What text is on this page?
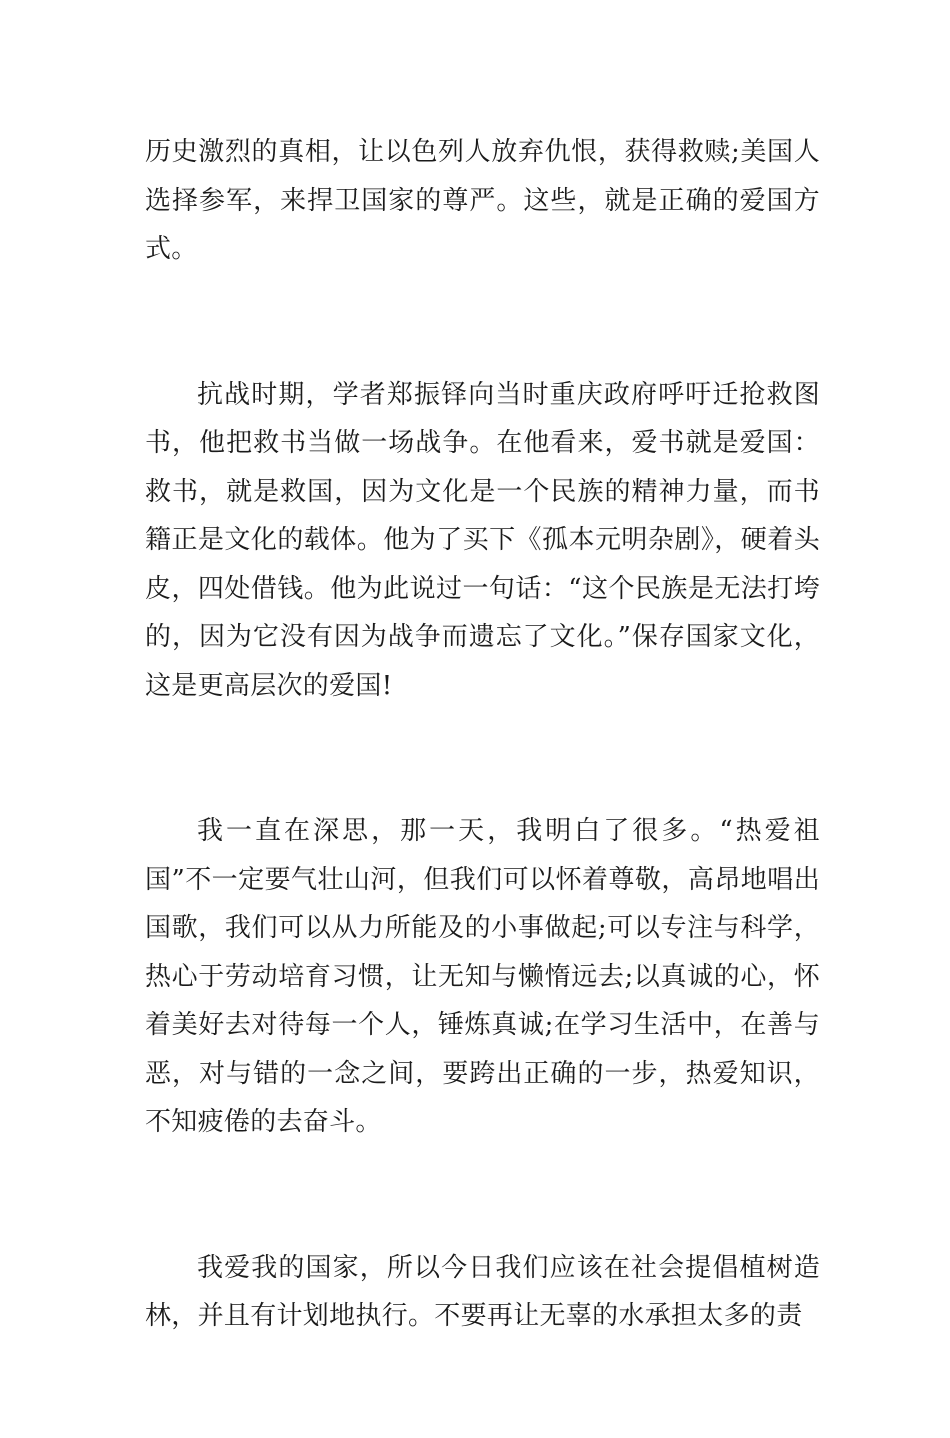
历史激烈的真相，让以色列人放弃仇恨，获得救赎;美国人选择参军，来捍卫国家的尊严。这些，就是正确的爱国方式。

抗战时期，学者郑振铎向当时重庆政府呼吁迁抢救图书，他把救书当做一场战争。在他看来，爱书就是爱国：救书，就是救国，因为文化是一个民族的精神力量，而书籍正是文化的载体。他为了买下《孤本元明杂剧》，硬着头皮，四处借钱。他为此说过一句话：“这个民族是无法打垮的，因为它没有因为战争而遗忘了文化。”保存国家文化，这是更高层次的爱国!

我一直在深思，那一天，我明白了很多。“热爱祖国”不一定要气壮山河，但我们可以怀着尊敬，高昂地唱出国歌，我们可以从力所能及的小事做起;可以专注与科学，热心于劳动培育习惯，让无知与懒惰远去;以真诚的心，怀着美好去对待每一个人，锤炼真诚;在学习生活中，在善与恶，对与错的一念之间，要跨出正确的一步，热爱知识，不知疲倦的去奋斗。

我爱我的国家，所以今日我们应该在社会提倡植树造林，并且有计划地执行。不要再让无辜的水承担太多的责
